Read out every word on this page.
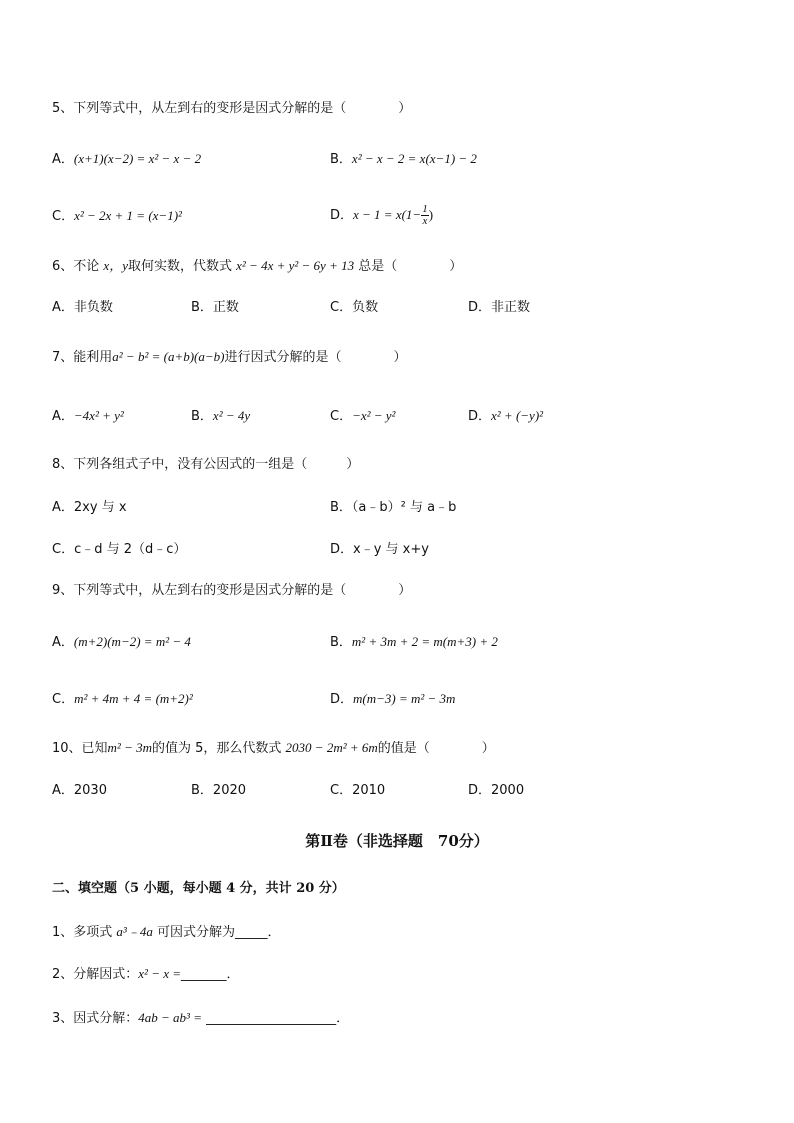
5、下列等式中，从左到右的变形是因式分解的是（　　　　）
A．(x+1)(x−2) = x² − x − 2	B．x² − x − 2 = x(x−1) − 2
C．x² − 2x + 1 = (x−1)²	D．$x - 1 = x(1- \frac{1}{x}$ )
6、不论 x，y取何实数，代数式 x² − 4x + y² − 6y + 13 总是（　　　　）
A．非负数	B．正数	C．负数	D．非正数
7、能利用a² − b² = (a+b)(a−b)进行因式分解的是（　　　　）
A．−4x² + y²	B．x² − 4y	C．−x² − y²	D．x² + (−y)²
8、下列各组式子中，没有公因式的一组是（　　　）
A．2xy 与 x	B．（a﹣b）² 与 a﹣b
C．c﹣d 与 2（d﹣c）	D．x﹣y 与 x+y
9、下列等式中，从左到右的变形是因式分解的是（　　　　）
A．(m+2)(m−2) = m² − 4	B．m² + 3m + 2 = m(m+3) + 2
C．m² + 4m + 4 = (m+2)²	D．m(m−3) = m² − 3m
10、已知m² − 3m的值为 5，那么代数式 2030 − 2m² + 6m的值是（　　　　）
A．2030	B．2020	C．2010	D．2000
第Ⅱ卷（非选择题　70分）
二、填空题（5 小题，每小题 4 分，共计 20 分）
1、多项式 a³﹣4a 可因式分解为_____．
2、分解因式：x² − x =_______．
3、因式分解：4ab − ab³ = ____________________．
